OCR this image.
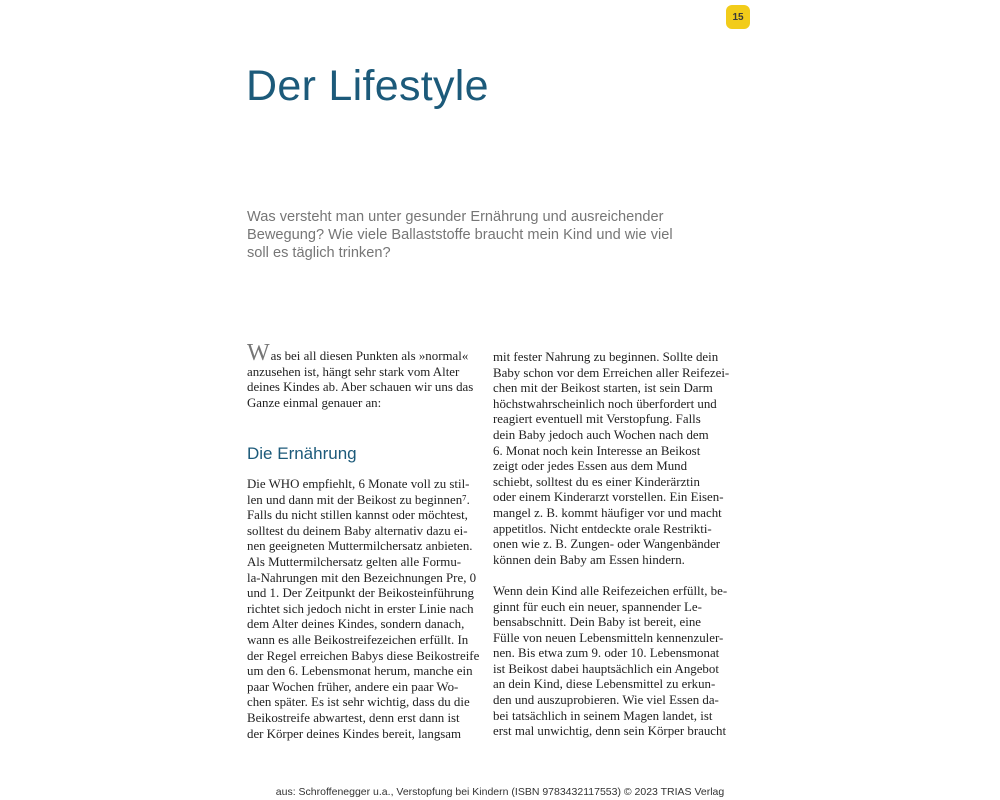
15
Der Lifestyle

Was versteht man unter gesunder Ernährung und ausreichender Bewegung? Wie viele Ballaststoffe braucht mein Kind und wie viel soll es täglich trinken?

Was bei all diesen Punkten als »normal«
anzusehen ist, hängt sehr stark vom Alter
deines Kindes ab. Aber schauen wir uns das
Ganze einmal genauer an:
Die Ernährung
Die WHO empfiehlt, 6 Monate voll zu stil-
len und dann mit der Beikost zu beginnen⁷.
Falls du nicht stillen kannst oder möchtest,
solltest du deinem Baby alternativ dazu ei-
nen geeigneten Muttermilchersatz anbieten.
Als Muttermilchersatz gelten alle Formu-
la-Nahrungen mit den Bezeichnungen Pre, 0
und 1. Der Zeitpunkt der Beikosteinführung
richtet sich jedoch nicht in erster Linie nach
dem Alter deines Kindes, sondern danach,
wann es alle Beikostreifezeichen erfüllt. In
der Regel erreichen Babys diese Beikostreife
um den 6. Lebensmonat herum, manche ein
paar Wochen früher, andere ein paar Wo-
chen später. Es ist sehr wichtig, dass du die
Beikostreife abwartest, denn erst dann ist
der Körper deines Kindes bereit, langsam
mit fester Nahrung zu beginnen. Sollte dein
Baby schon vor dem Erreichen aller Reifezei-
chen mit der Beikost starten, ist sein Darm
höchstwahrscheinlich noch überfordert und
reagiert eventuell mit Verstopfung. Falls
dein Baby jedoch auch Wochen nach dem
6. Monat noch kein Interesse an Beikost
zeigt oder jedes Essen aus dem Mund
schiebt, solltest du es einer Kinderärztin
oder einem Kinderarzt vorstellen. Ein Eisen-
mangel z. B. kommt häufiger vor und macht
appetitlos. Nicht entdeckte orale Restrikti-
onen wie z. B. Zungen- oder Wangenbänder
können dein Baby am Essen hindern.
Wenn dein Kind alle Reifezeichen erfüllt, be-
ginnt für euch ein neuer, spannender Le-
bensabschnitt. Dein Baby ist bereit, eine
Fülle von neuen Lebensmitteln kennenzuler-
nen. Bis etwa zum 9. oder 10. Lebensmonat
ist Beikost dabei hauptsächlich ein Angebot
an dein Kind, diese Lebensmittel zu erkun-
den und auszuprobieren. Wie viel Essen da-
bei tatsächlich in seinem Magen landet, ist
erst mal unwichtig, denn sein Körper braucht
aus: Schroffenegger u.a., Verstopfung bei Kindern (ISBN 9783432117553) © 2023 TRIAS Verlag
